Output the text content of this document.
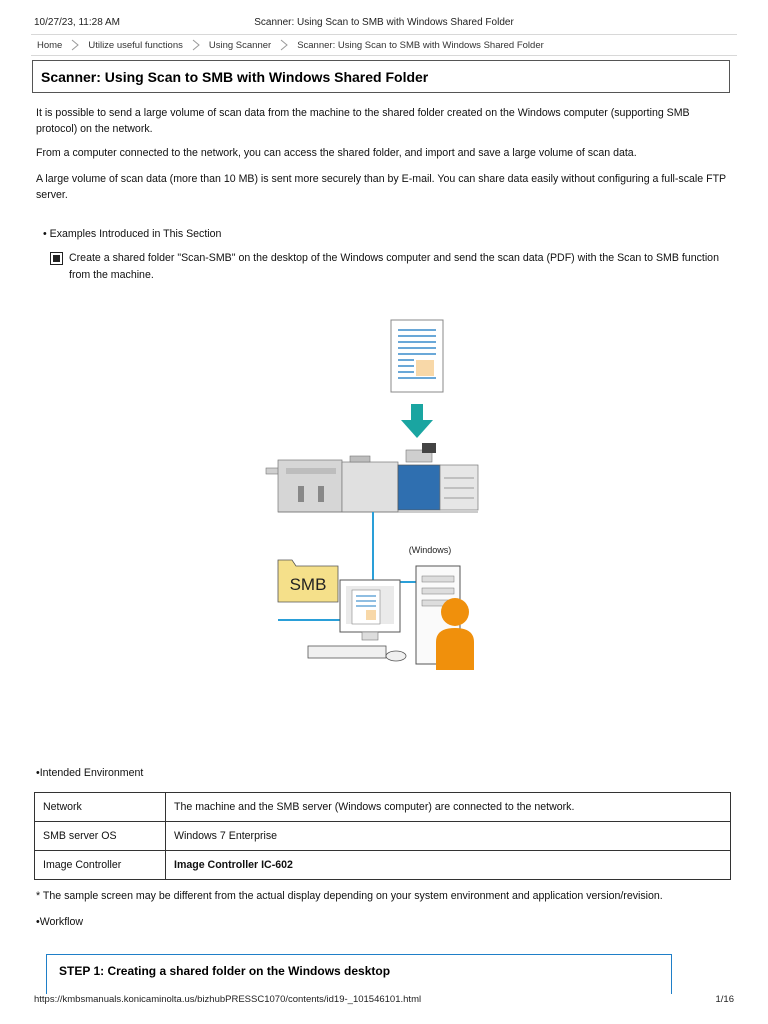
10/27/23, 11:28 AM	Scanner: Using Scan to SMB with Windows Shared Folder
Home	Utilize useful functions	Using Scanner	Scanner: Using Scan to SMB with Windows Shared Folder
Scanner: Using Scan to SMB with Windows Shared Folder

It is possible to send a large volume of scan data from the machine to the shared folder created on the Windows computer (supporting SMB protocol) on the network.

From a computer connected to the network, you can access the shared folder, and import and save a large volume of scan data.

A large volume of scan data (more than 10 MB) is sent more securely than by E-mail. You can share data easily without configuring a full-scale FTP server.

• Examples Introduced in This Section
Create a shared folder "Scan-SMB" on the desktop of the Windows computer and send the scan data (PDF) with the Scan to SMB function from the machine.
SMB
(Windows)
•Intended Environment
Network	The machine and the SMB server (Windows computer) are connected to the network.
SMB server OS	Windows 7 Enterprise
Image Controller	Image Controller IC-602

* The sample screen may be different from the actual display depending on your system environment and application version/revision.

•Workflow
STEP 1: Creating a shared folder on the Windows desktop
https://kmbsmanuals.konicaminolta.us/bizhubPRESSC1070/contents/id19-_101546101.html	1/16
